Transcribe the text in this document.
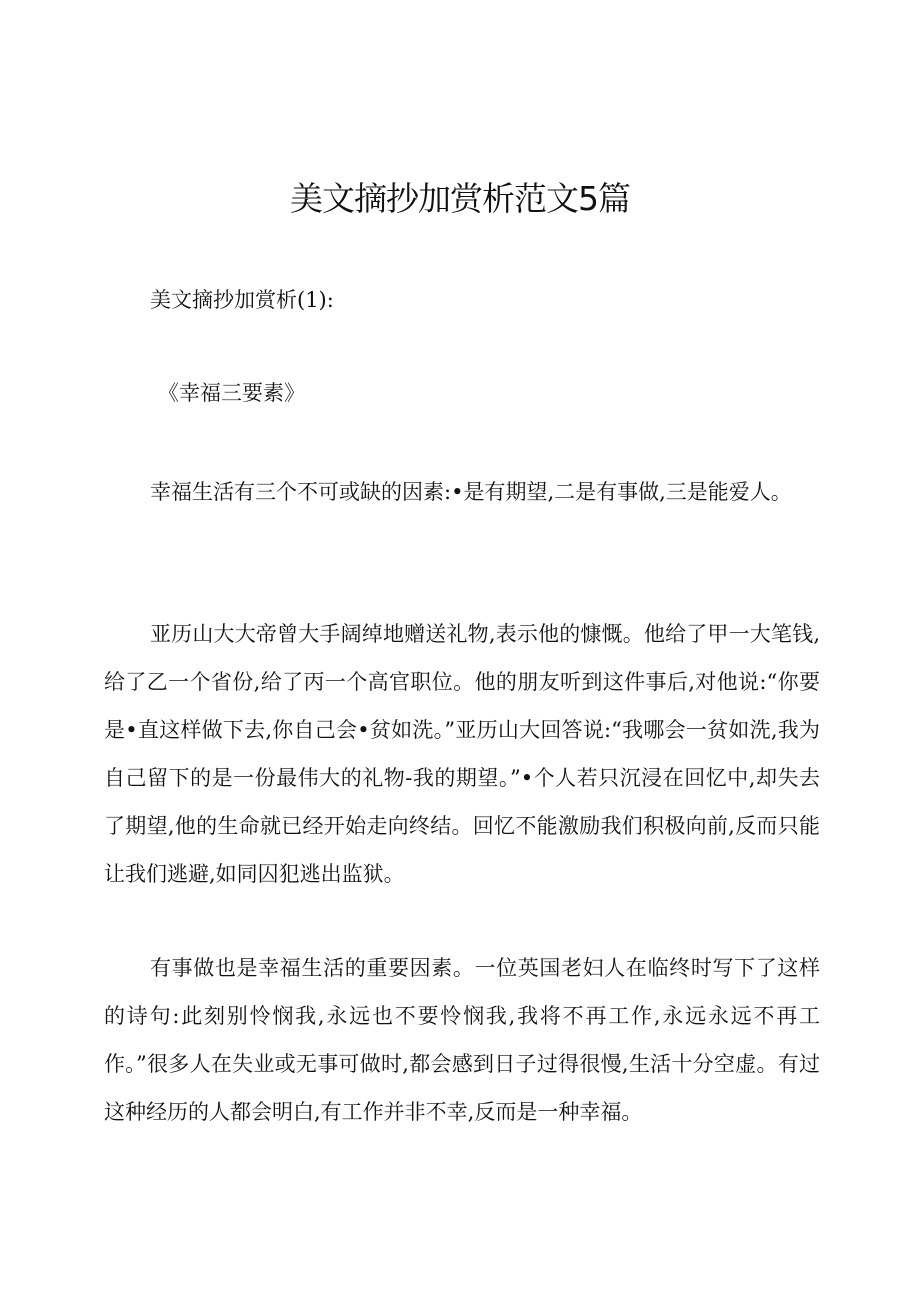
美文摘抄加赏析范文5篇
美文摘抄加赏析(1):
《幸福三要素》

幸福生活有三个不可或缺的因素:•是有期望,二是有事做,三是能爱人。

亚历山大大帝曾大手阔绰地赠送礼物,表示他的慷慨。他给了甲一大笔钱,给了乙一个省份,给了丙一个高官职位。他的朋友听到这件事后,对他说:“你要是•直这样做下去,你自己会•贫如洗。”亚历山大回答说:“我哪会一贫如洗,我为自己留下的是一份最伟大的礼物-我的期望。”•个人若只沉浸在回忆中,却失去了期望,他的生命就已经开始走向终结。回忆不能激励我们积极向前,反而只能让我们逃避,如同囚犯逃出监狱。

有事做也是幸福生活的重要因素。一位英国老妇人在临终时写下了这样的诗句:此刻别怜悯我,永远也不要怜悯我,我将不再工作,永远永远不再工作。”很多人在失业或无事可做时,都会感到日子过得很慢,生活十分空虚。有过这种经历的人都会明白,有工作并非不幸,反而是一种幸福。
